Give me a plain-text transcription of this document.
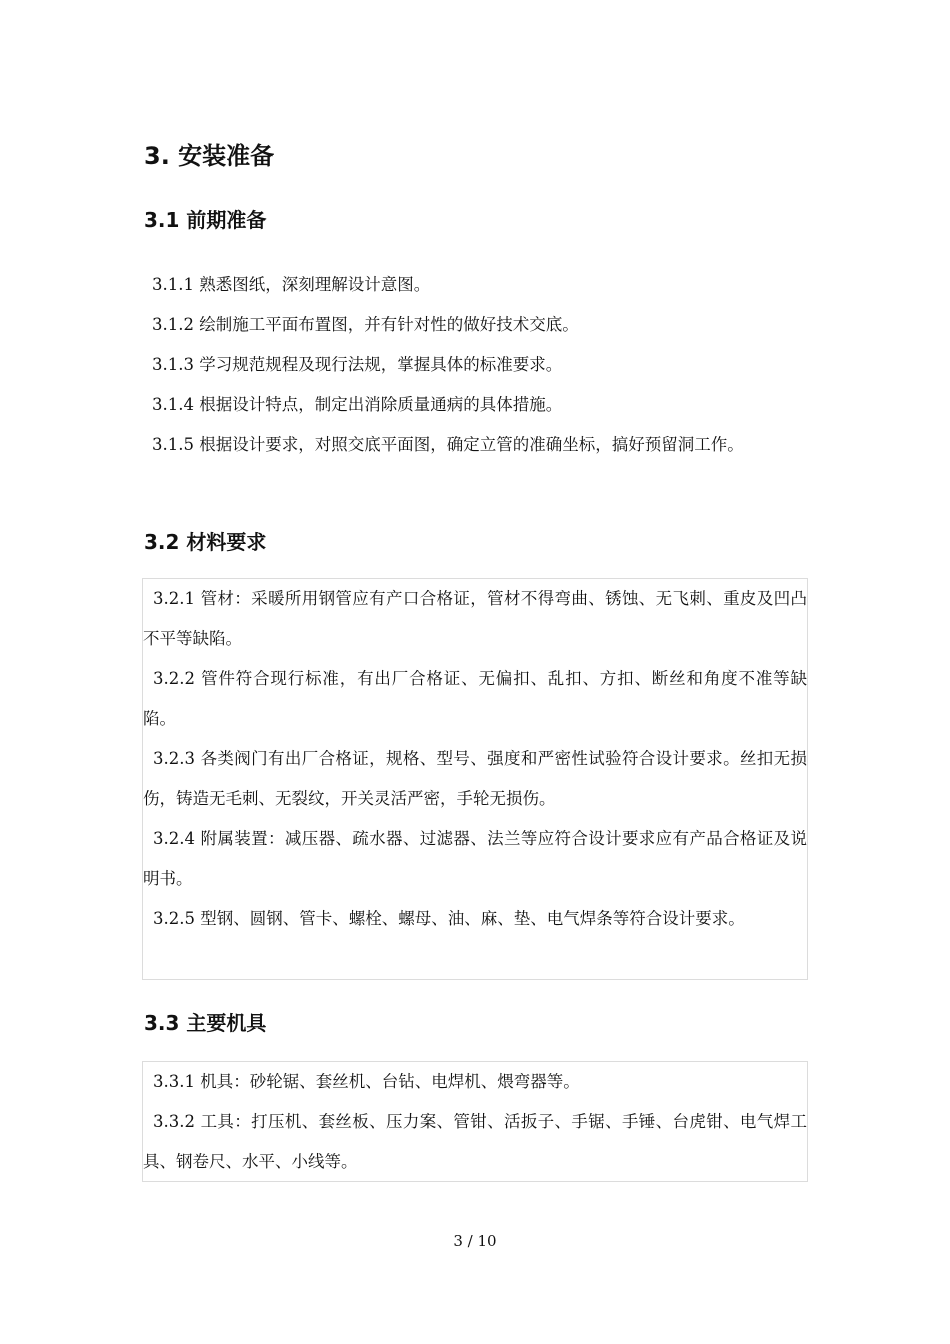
3. 安装准备
3.1 前期准备
3.1.1 熟悉图纸，深刻理解设计意图。
3.1.2 绘制施工平面布置图，并有针对性的做好技术交底。
3.1.3 学习规范规程及现行法规，掌握具体的标准要求。
3.1.4 根据设计特点，制定出消除质量通病的具体措施。
3.1.5 根据设计要求，对照交底平面图，确定立管的准确坐标，搞好预留洞工作。
3.2 材料要求
3.2.1 管材：采暖所用钢管应有产口合格证，管材不得弯曲、锈蚀、无飞刺、重皮及凹凸不平等缺陷。
3.2.2 管件符合现行标准，有出厂合格证、无偏扣、乱扣、方扣、断丝和角度不准等缺陷。
3.2.3 各类阀门有出厂合格证，规格、型号、强度和严密性试验符合设计要求。丝扣无损伤，铸造无毛刺、无裂纹，开关灵活严密，手轮无损伤。
3.2.4 附属装置：减压器、疏水器、过滤器、法兰等应符合设计要求应有产品合格证及说明书。
3.2.5 型钢、圆钢、管卡、螺栓、螺母、油、麻、垫、电气焊条等符合设计要求。
3.3 主要机具
3.3.1 机具：砂轮锯、套丝机、台钻、电焊机、煨弯器等。
3.3.2 工具：打压机、套丝板、压力案、管钳、活扳子、手锯、手锤、台虎钳、电气焊工具、钢卷尺、水平、小线等。
3 / 10
